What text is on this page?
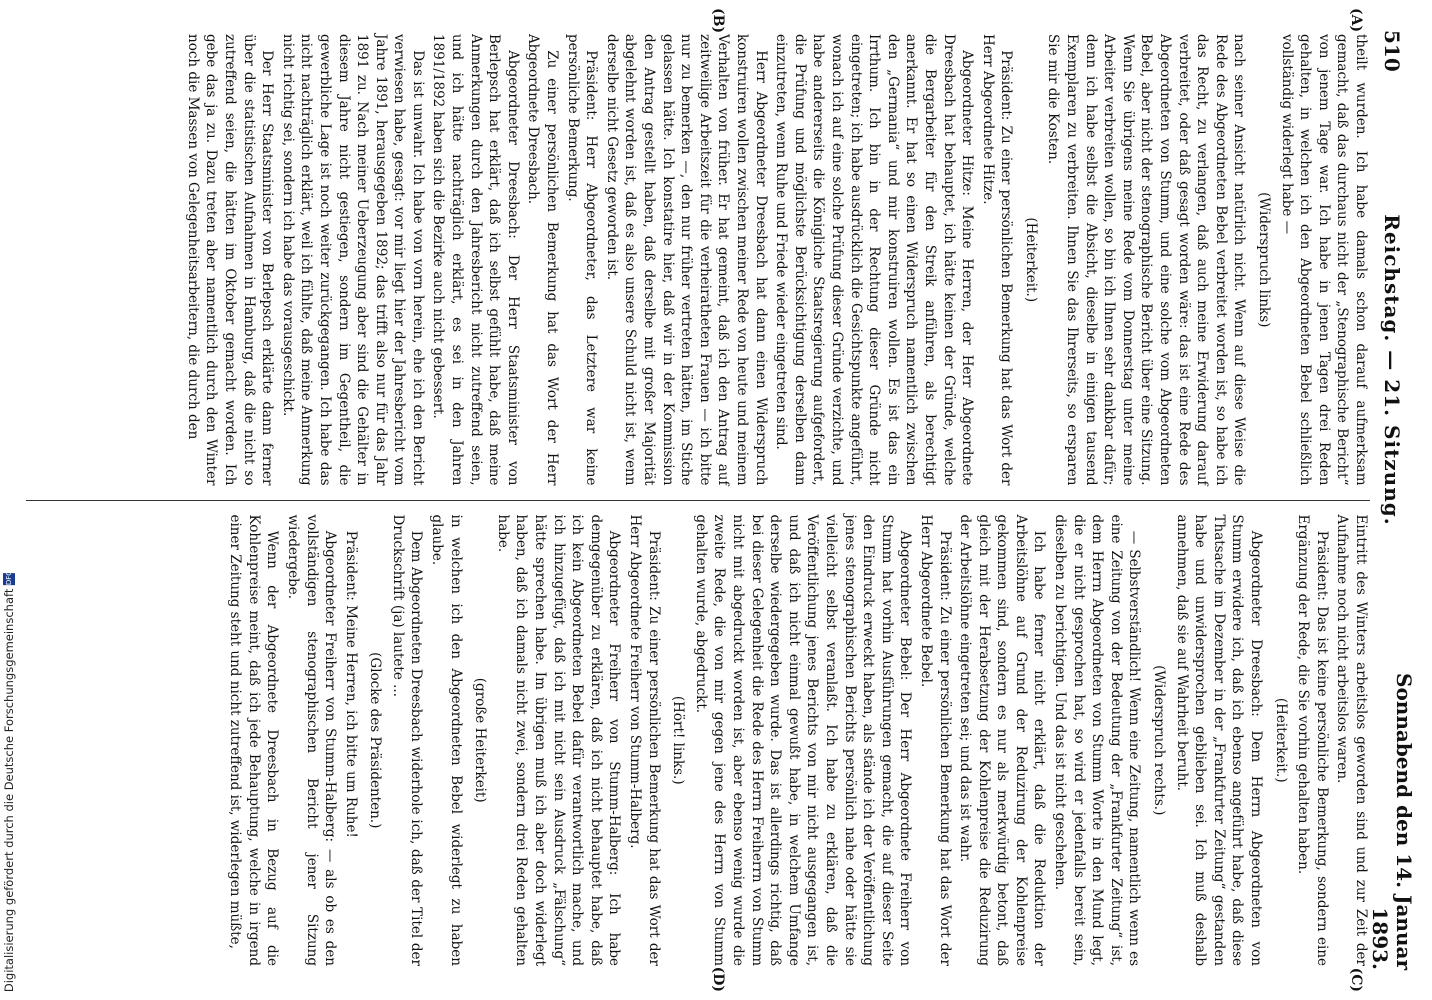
510
Reichstag. — 21. Sitzung.
Sonnabend den 14. Januar 1893.
(A)
(B)
(C)
(D)

theilt wurden. Ich habe damals schon darauf aufmerksam gemacht, daß das durchaus nicht der „Stenographische Bericht“ von jenem Tage war. Ich habe in jenen Tagen drei Reden gehalten, in welchen ich den Abgeordneten Bebel schließlich vollständig widerlegt habe —

(Widerspruch links)

nach seiner Ansicht natürlich nicht. Wenn auf diese Weise die Rede des Abgeordneten Bebel verbreitet worden ist, so habe ich das Recht, zu verlangen, daß auch meine Erwiderung darauf verbreitet, oder daß gesagt worden wäre: das ist eine Rede des Abgeordneten von Stumm, und eine solche vom Abgeordneten Bebel, aber nicht der stenographische Bericht über eine Sitzung. Wenn Sie übrigens meine Rede vom Donnerstag unter meine Arbeiter verbreiten wollen, so bin ich Ihnen sehr dankbar dafür; denn ich habe selbst die Absicht, dieselbe in einigen tausend Exemplaren zu verbreiten. Ihnen Sie das Ihrerseits, so ersparen Sie mir die Kosten.

(Heiterkeit.)

Präsident: Zu einer persönlichen Bemerkung hat das Wort der Herr Abgeordnete Hitze.

Abgeordneter Hitze: Meine Herren, der Herr Abgeordnete Dreesbach hat behauptet, ich hätte keinen der Gründe, welche die Bergarbeiter für den Streik anführen, als berechtigt anerkannt. Er hat so einen Widerspruch namentlich zwischen den „Germania“ und mir konstruiren wollen. Es ist das ein Irrthum. Ich bin in der Rechtung dieser Gründe nicht eingetreten; ich habe ausdrücklich die Gesichtspunkte angeführt, wonach ich auf eine solche Prüfung dieser Gründe verzichte, und habe andererseits die Königliche Staatsregierung aufgefordert, die Prüfung und möglichste Berücksichtigung derselben dann einzutreten, wenn Ruhe und Friede wieder eingetreten sind.

Herr Abgeordneter Dreesbach hat dann einen Widerspruch konstruiren wollen zwischen meiner Rede von heute und meinem Verhalten von früher. Er hat gemeint, daß ich den Antrag auf zeitweilige Arbeitszeit für die verheiratheten Frauen — ich bitte nur zu bemerken —, den nur früher vertreten hätten, im Stiche gelassen hätte. Ich konstatire hier, daß wir in der Kommission den Antrag gestellt haben, daß derselbe mit großer Majorität abgelehnt worden ist, daß es also unsere Schuld nicht ist, wenn derselbe nicht Gesetz geworden ist.

Präsident: Herr Abgeordneter, das Letztere war keine persönliche Bemerkung.

Zu einer persönlichen Bemerkung hat das Wort der Herr Abgeordnete Dreesbach.

Abgeordneter Dreesbach: Der Herr Staatsminister von Berlepsch hat erklärt, daß ich selbst gefühlt habe, daß meine Anmerkungen durch den Jahresbericht nicht zutreffend seien, und ich hätte nachträglich erklärt, es sei in den Jahren 1891/1892 haben sich die Bezirke auch nicht gebessert.

Das ist unwahr. Ich habe von vorn herein, ehe ich den Bericht verwiesen habe, gesagt: vor mir liegt hier der Jahresbericht vom Jahre 1891, herausgegeben 1892; das trifft also nur für das Jahr 1891 zu. Nach meiner Ueberzeugung aber sind die Gehälter in diesem Jahre nicht gestiegen, sondern im Gegentheil, die gewerbliche Lage ist noch weiter zurückgegangen. Ich habe das nicht nachträglich erklärt, weil ich fühlte, daß meine Anmerkung nicht richtig sei, sondern ich habe das vorausgeschickt.

Der Herr Staatsminister von Berlepsch erklärte dann ferner über die statistischen Aufnahmen in Hamburg, daß die nicht so zutreffend seien, die hätten im Oktober gemacht worden. Ich gebe das ja zu. Dazu treten aber namentlich durch den Winter noch die Massen von Gelegenheitsarbeitern, die durch den

Eintritt des Winters arbeitslos geworden sind und zur Zeit der Aufnahme noch nicht arbeitslos waren.

Präsident: Das ist keine persönliche Bemerkung, sondern eine Ergänzung der Rede, die Sie vorhin gehalten haben.

(Heiterkeit.)

Abgeordneter Dreesbach: Dem Herrn Abgeordneten von Stumm erwidere ich, daß ich ebenso angeführt habe, daß diese Thatsache im Dezember in der „Frankfurter Zeitung“ gestanden habe und unwidersprochen geblieben sei. Ich muß deshalb annehmen, daß sie auf Wahrheit beruht.

(Widerspruch rechts.)

— Selbstverständlich! Wenn eine Zeitung, namentlich wenn es eine Zeitung von der Bedeutung der „Frankfurter Zeitung“ ist, dem Herrn Abgeordneten von Stumm Worte in den Mund legt, die er nicht gesprochen hat, so wird er jedenfalls bereit sein, dieselben zu berichtigen. Und das ist nicht geschehen.

Ich habe ferner nicht erklärt, daß die Reduktion der Arbeitslöhne auf Grund der Reduzirung der Kohlenpreise gekommen sind, sondern es nur als merkwürdig betont, daß gleich mit der Herabsetzung der Kohlenpreise die Reduzirung der Arbeitslöhne eingetreten sei; und das ist wahr.

Präsident: Zu einer persönlichen Bemerkung hat das Wort der Herr Abgeordnete Bebel.

Abgeordneter Bebel: Der Herr Abgeordnete Freiherr von Stumm hat vorhin Ausführungen gemacht, die auf dieser Seite den Eindruck erweckt haben, als stände ich der Veröffentlichung jenes stenographischen Berichts persönlich nahe oder hätte sie vielleicht selbst veranlaßt. Ich habe zu erklären, daß die Veröffentlichung jenes Berichts von mir nicht ausgegangen ist, und daß ich nicht einmal gewußt habe, in welchem Umfange derselbe wiedergegeben wurde. Das ist allerdings richtig, daß bei dieser Gelegenheit die Rede des Herrn Freiherrn von Stumm nicht mit abgedruckt worden ist, aber ebenso wenig wurde die zweite Rede, die von mir gegen jene des Herrn von Stumm gehalten wurde, abgedruckt.

(Hört! links.)

Präsident: Zu einer persönlichen Bemerkung hat das Wort der Herr Abgeordnete Freiherr von Stumm-Halberg.

Abgeordneter Freiherr von Stumm-Halberg: Ich habe demgegenüber zu erklären, daß ich nicht behauptet habe, daß ich kein Abgeordneten Bebel dafür verantwortlich mache, und ich hinzugefügt, daß ich mit nicht sein Ausdruck „Fälschung“ hätte sprechen habe. Im übrigen muß ich aber doch widerlegt haben, daß ich damals nicht zwei, sondern drei Reden gehalten habe.

(große Heiterkeit)

in welchen ich den Abgeordneten Bebel widerlegt zu haben glaube.

Dem Abgeordneten Dreesbach widerhole ich, daß der Titel der Druckschrift (ja) lautete ...

(Glocke des Präsidenten.)

Präsident: Meine Herren, ich bitte um Ruhe!

Abgeordneter Freiherr von Stumm-Halberg: — als ob es den vollständigen stenographischen Bericht jener Sitzung wiedergebe.

Wenn der Abgeordnete Dreesbach in Bezug auf die Kohlenpreise meint, daß ich jede Behauptung, welche in irgend einer Zeitung steht und nicht zutreffend ist, widerlegen müßte,

Digitalisierung gefördert durch die Deutsche Forschungsgemeinschaft DFG
